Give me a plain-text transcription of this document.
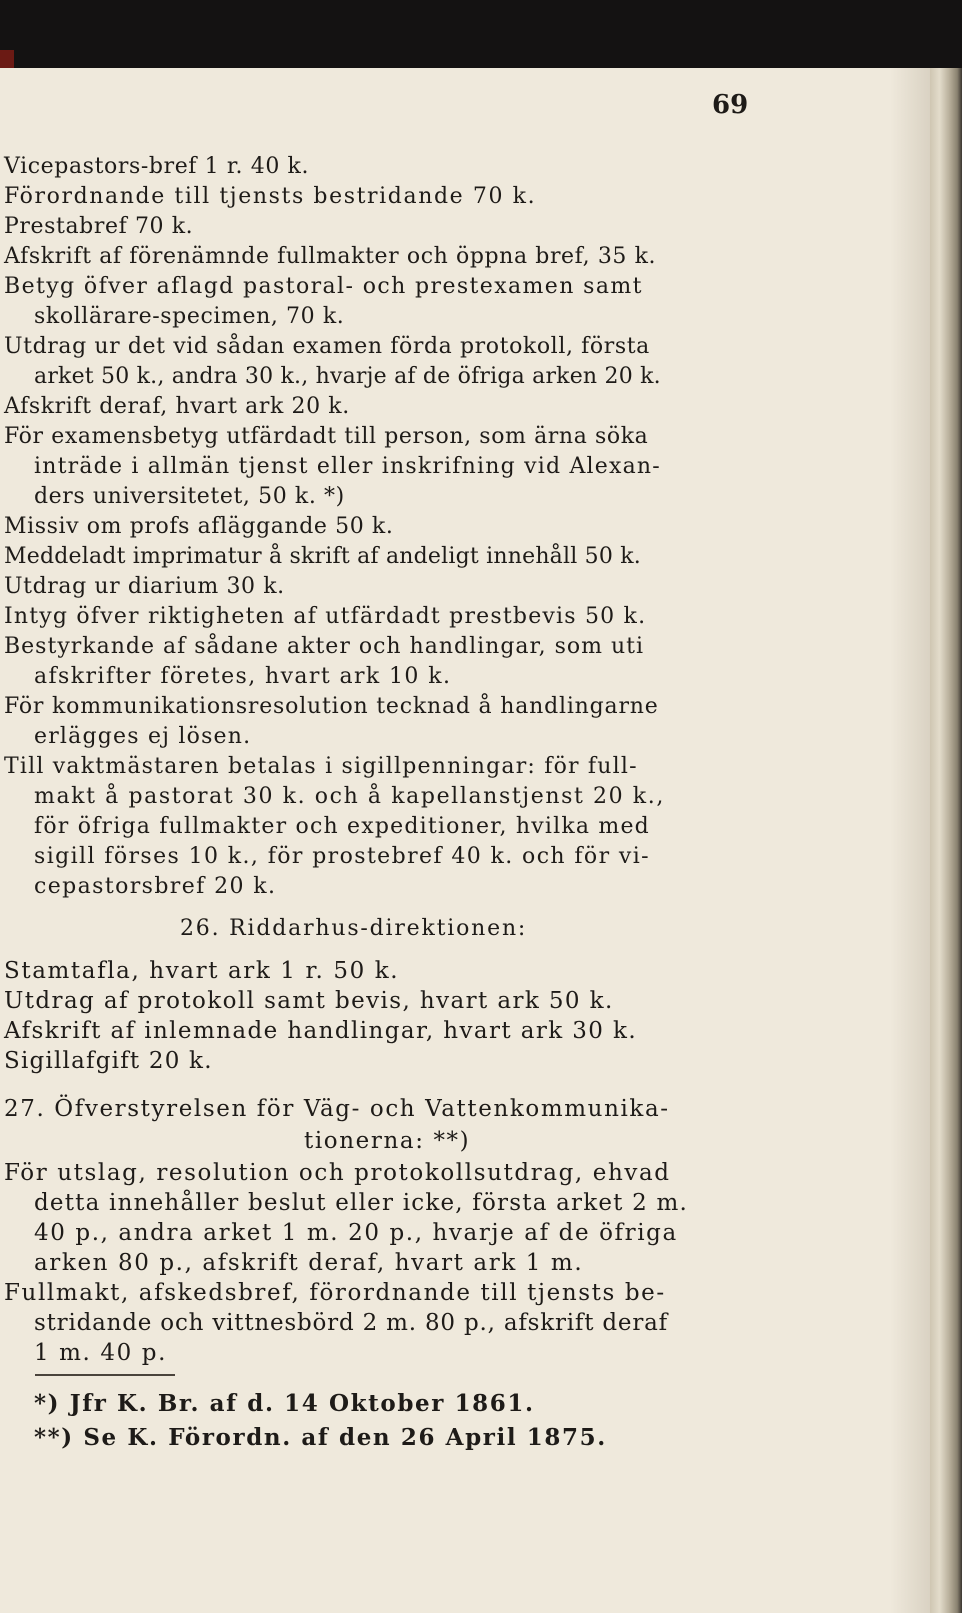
69
Vicepastors-bref 1 r. 40 k.
Förordnande till tjensts bestridande 70 k.
Prestabref 70 k.
Afskrift af förenämnde fullmakter och öppna bref, 35 k.
Betyg öfver aflagd pastoral- och prestexamen samt
skollärare-specimen, 70 k.
Utdrag ur det vid sådan examen förda protokoll, första
arket 50 k., andra 30 k., hvarje af de öfriga arken 20 k.
Afskrift deraf, hvart ark 20 k.
För examensbetyg utfärdadt till person, som ärna söka
inträde i allmän tjenst eller inskrifning vid Alexan-
ders universitetet, 50 k. *)
Missiv om profs afläggande 50 k.
Meddeladt imprimatur å skrift af andeligt innehåll 50 k.
Utdrag ur diarium 30 k.
Intyg öfver riktigheten af utfärdadt prestbevis 50 k.
Bestyrkande af sådane akter och handlingar, som uti
afskrifter företes, hvart ark 10 k.
För kommunikationsresolution tecknad å handlingarne
erlägges ej lösen.
Till vaktmästaren betalas i sigillpenningar: för full-
makt å pastorat 30 k. och å kapellanstjenst 20 k.,
för öfriga fullmakter och expeditioner, hvilka med
sigill förses 10 k., för prostebref 40 k. och för vi-
cepastorsbref 20 k.
26. Riddarhus-direktionen:
Stamtafla, hvart ark 1 r. 50 k.
Utdrag af protokoll samt bevis, hvart ark 50 k.
Afskrift af inlemnade handlingar, hvart ark 30 k.
Sigillafgift 20 k.
27. Öfverstyrelsen för Väg- och Vattenkommunika-
tionerna: **)
För utslag, resolution och protokollsutdrag, ehvad
detta innehåller beslut eller icke, första arket 2 m.
40 p., andra arket 1 m. 20 p., hvarje af de öfriga
arken 80 p., afskrift deraf, hvart ark 1 m.
Fullmakt, afskedsbref, förordnande till tjensts be-
stridande och vittnesbörd 2 m. 80 p., afskrift deraf
1 m. 40 p.
*) Jfr K. Br. af d. 14 Oktober 1861.
**) Se K. Förordn. af den 26 April 1875.
